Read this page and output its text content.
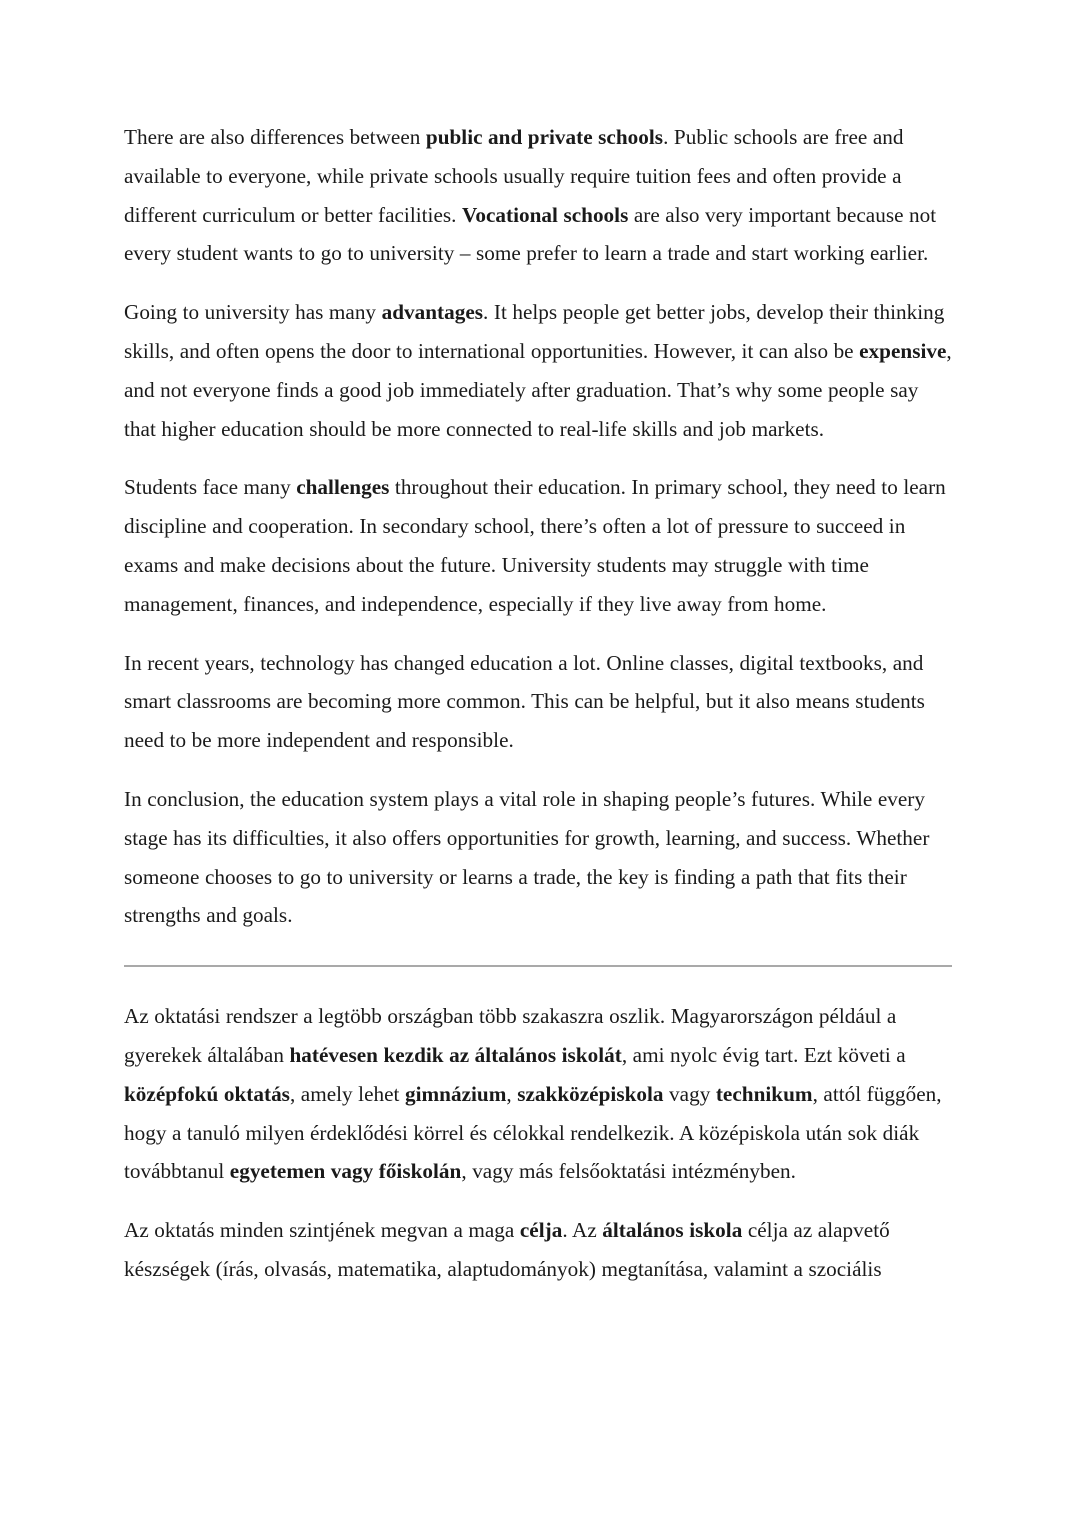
There are also differences between public and private schools. Public schools are free and available to everyone, while private schools usually require tuition fees and often provide a different curriculum or better facilities. Vocational schools are also very important because not every student wants to go to university – some prefer to learn a trade and start working earlier.

Going to university has many advantages. It helps people get better jobs, develop their thinking skills, and often opens the door to international opportunities. However, it can also be expensive, and not everyone finds a good job immediately after graduation. That’s why some people say that higher education should be more connected to real-life skills and job markets.

Students face many challenges throughout their education. In primary school, they need to learn discipline and cooperation. In secondary school, there’s often a lot of pressure to succeed in exams and make decisions about the future. University students may struggle with time management, finances, and independence, especially if they live away from home.

In recent years, technology has changed education a lot. Online classes, digital textbooks, and smart classrooms are becoming more common. This can be helpful, but it also means students need to be more independent and responsible.

In conclusion, the education system plays a vital role in shaping people’s futures. While every stage has its difficulties, it also offers opportunities for growth, learning, and success. Whether someone chooses to go to university or learns a trade, the key is finding a path that fits their strengths and goals.

Az oktatási rendszer a legtöbb országban több szakaszra oszlik. Magyarországon például a gyerekek általában hatévesen kezdik az általános iskolát, ami nyolc évig tart. Ezt követi a középfokú oktatás, amely lehet gimnázium, szakközépiskola vagy technikum, attól függően, hogy a tanuló milyen érdeklődési körrel és célokkal rendelkezik. A középiskola után sok diák továbbtanul egyetemen vagy főiskolán, vagy más felsőoktatási intézményben.

Az oktatás minden szintjének megvan a maga célja. Az általános iskola célja az alapvető készségek (írás, olvasás, matematika, alaptudományok) megtanítása, valamint a szociális
